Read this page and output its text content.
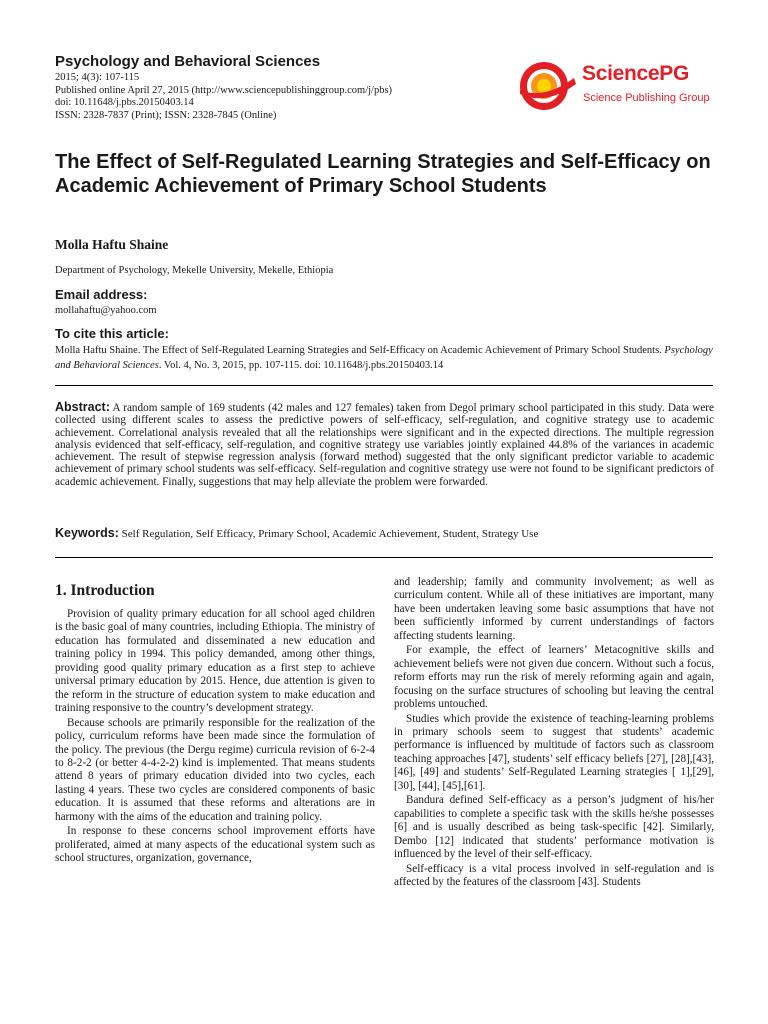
Psychology and Behavioral Sciences
2015; 4(3): 107-115
Published online April 27, 2015 (http://www.sciencepublishinggroup.com/j/pbs)
doi: 10.11648/j.pbs.20150403.14
ISSN: 2328-7837 (Print); ISSN: 2328-7845 (Online)
SciencePG
Science Publishing Group
The Effect of Self-Regulated Learning Strategies and Self-Efficacy on Academic Achievement of Primary School Students
Molla Haftu Shaine
Department of Psychology, Mekelle University, Mekelle, Ethiopia
Email address:
mollahaftu@yahoo.com
To cite this article:
Molla Haftu Shaine. The Effect of Self-Regulated Learning Strategies and Self-Efficacy on Academic Achievement of Primary School Students. Psychology and Behavioral Sciences. Vol. 4, No. 3, 2015, pp. 107-115. doi: 10.11648/j.pbs.20150403.14

Abstract: A random sample of 169 students (42 males and 127 females) taken from Degol primary school participated in this study. Data were collected using different scales to assess the predictive powers of self-efficacy, self-regulation, and cognitive strategy use to academic achievement. Correlational analysis revealed that all the relationships were significant and in the expected directions. The multiple regression analysis evidenced that self-efficacy, self-regulation, and cognitive strategy use variables jointly explained 44.8% of the variances in academic achievement. The result of stepwise regression analysis (forward method) suggested that the only significant predictor variable to academic achievement of primary school students was self-efficacy. Self-regulation and cognitive strategy use were not found to be significant predictors of academic achievement. Finally, suggestions that may help alleviate the problem were forwarded.

Keywords: Self Regulation, Self Efficacy, Primary School, Academic Achievement, Student, Strategy Use

1. Introduction

Provision of quality primary education for all school aged children is the basic goal of many countries, including Ethiopia. The ministry of education has formulated and disseminated a new education and training policy in 1994. This policy demanded, among other things, providing good quality primary education as a first step to achieve universal primary education by 2015. Hence, due attention is given to the reform in the structure of education system to make education and training responsive to the country’s development strategy.

Because schools are primarily responsible for the realization of the policy, curriculum reforms have been made since the formulation of the policy. The previous (the Dergu regime) curricula revision of 6-2-4 to 8-2-2 (or better 4-4-2-2) kind is implemented. That means students attend 8 years of primary education divided into two cycles, each lasting 4 years. These two cycles are considered components of basic education. It is assumed that these reforms and alterations are in harmony with the aims of the education and training policy.

In response to these concerns school improvement efforts have proliferated, aimed at many aspects of the educational system such as school structures, organization, governance,

and leadership; family and community involvement; as well as curriculum content. While all of these initiatives are important, many have been undertaken leaving some basic assumptions that have not been sufficiently informed by current understandings of factors affecting students learning.

For example, the effect of learners’ Metacognitive skills and achievement beliefs were not given due concern. Without such a focus, reform efforts may run the risk of merely reforming again and again, focusing on the surface structures of schooling but leaving the central problems untouched.

Studies which provide the existence of teaching-learning problems in primary schools seem to suggest that students’ academic performance is influenced by multitude of factors such as classroom teaching approaches [47], students’ self efficacy beliefs [27], [28],[43], [46], [49] and students’ Self-Regulated Learning strategies [ 1],[29],[30], [44], [45],[61].

Bandura defined Self-efficacy as a person’s judgment of his/her capabilities to complete a specific task with the skills he/she possesses [6] and is usually described as being task-specific [42]. Similarly, Dembo [12] indicated that students’ performance motivation is influenced by the level of their self-efficacy.

Self-efficacy is a vital process involved in self-regulation and is affected by the features of the classroom [43]. Students
